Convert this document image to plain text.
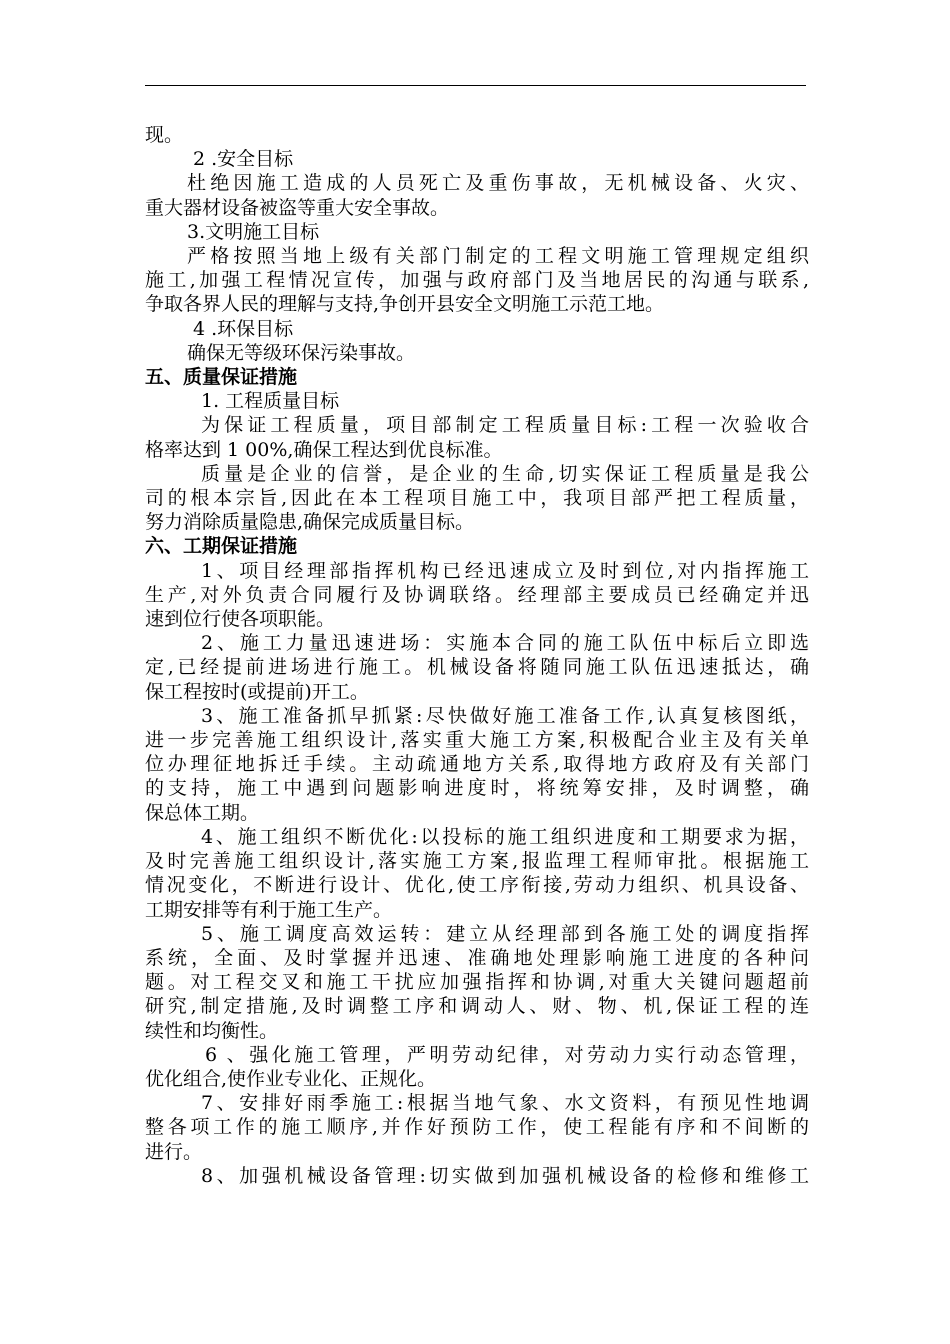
现。
2 .安全目标
杜绝因施工造成的人员死亡及重伤事故，无机械设备、火灾、
重大器材设备被盗等重大安全事故。
3.文明施工目标
严格按照当地上级有关部门制定的工程文明施工管理规定组织
施工,加强工程情况宣传，加强与政府部门及当地居民的沟通与联系,
争取各界人民的理解与支持,争创开县安全文明施工示范工地。
4 .环保目标
确保无等级环保污染事故。
五、质量保证措施
1. 工程质量目标
为保证工程质量，项目部制定工程质量目标:工程一次验收合
格率达到 1 00%,确保工程达到优良标准。
质量是企业的信誉，是企业的生命,切实保证工程质量是我公
司的根本宗旨,因此在本工程项目施工中，我项目部严把工程质量，
努力消除质量隐患,确保完成质量目标。
六、工期保证措施
1、项目经理部指挥机构已经迅速成立及时到位,对内指挥施工
生产,对外负责合同履行及协调联络。经理部主要成员已经确定并迅
速到位行使各项职能。
2、施工力量迅速进场：实施本合同的施工队伍中标后立即选
定,已经提前进场进行施工。机械设备将随同施工队伍迅速抵达，确
保工程按时(或提前)开工。
3、施工准备抓早抓紧:尽快做好施工准备工作,认真复核图纸，
进一步完善施工组织设计,落实重大施工方案,积极配合业主及有关单
位办理征地拆迁手续。主动疏通地方关系,取得地方政府及有关部门
的支持，施工中遇到问题影响进度时，将统筹安排，及时调整，确
保总体工期。
4、施工组织不断优化:以投标的施工组织进度和工期要求为据，
及时完善施工组织设计,落实施工方案,报监理工程师审批。根据施工
情况变化，不断进行设计、优化,使工序衔接,劳动力组织、机具设备、
工期安排等有利于施工生产。
5、施工调度高效运转：建立从经理部到各施工处的调度指挥
系统，全面、及时掌握并迅速、准确地处理影响施工进度的各种问
题。对工程交叉和施工干扰应加强指挥和协调,对重大关键问题超前
研究,制定措施,及时调整工序和调动人、财、物、机,保证工程的连
续性和均衡性。
6 、强化施工管理，严明劳动纪律，对劳动力实行动态管理，
优化组合,使作业专业化、正规化。
7、安排好雨季施工:根据当地气象、水文资料，有预见性地调
整各项工作的施工顺序,并作好预防工作，使工程能有序和不间断的
进行。
8、加强机械设备管理:切实做到加强机械设备的检修和维修工
